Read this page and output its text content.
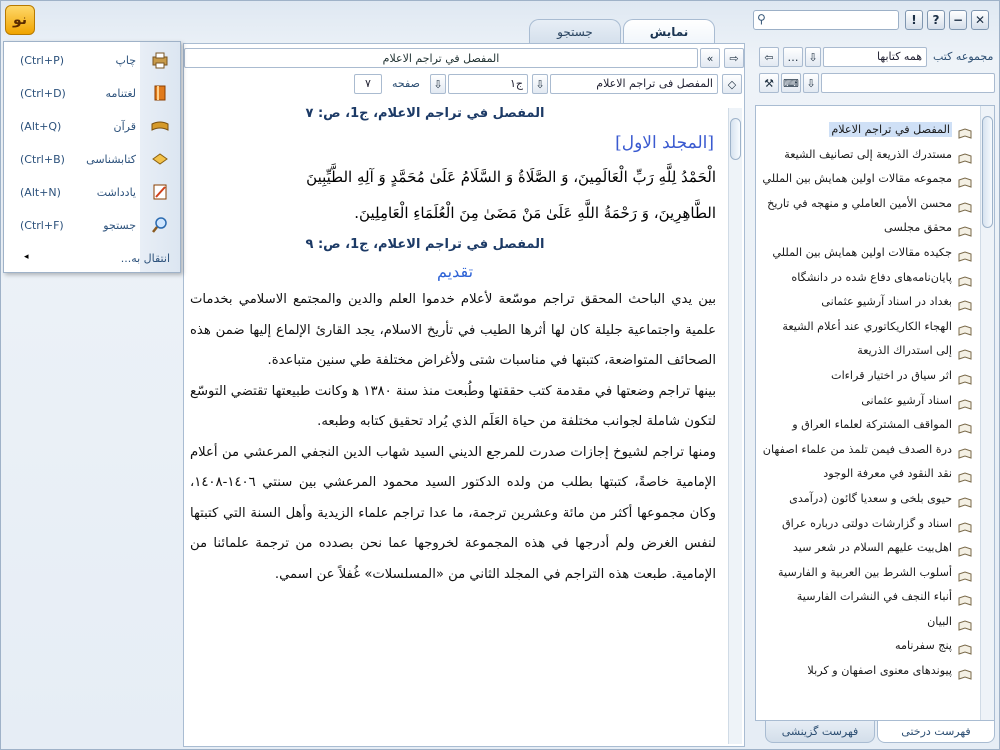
نو
جستجو	نمایش
⚲	! ? − ✕
المفصل في تراجم الاعلام	« ⇨
٧	صفحه ⇩	ج١	⇩	المفصل فی تراجم الاعلام	◇
المفصل في تراجم الاعلام، ج1، ص: ٧
[المجلد الاول]
الْحَمْدُ لِلَّهِ رَبِّ الْعَالَمِينَ، وَ الصَّلَاةُ وَ السَّلَامُ عَلَىٰ مُحَمَّدٍ وَ آلِهِ الطَّيِّبِينَ
الطَّاهِرِينَ، وَ رَحْمَةُ اللَّهِ عَلَىٰ مَنْ مَضَىٰ مِنَ الْعُلَمَاءِ الْعَامِلِينَ.
المفصل في تراجم الاعلام، ج1، ص: ٩
تقديم
بين يدي الباحث المحقق تراجم موسّعة لأعلام خدموا العلم والدين والمجتمع الاسلامي بخدمات علمية واجتماعية جليلة كان لها أثرها الطيب في تأريخ الاسلام، يجد القارئ الإلماع إليها ضمن هذه الصحائف المتواضعة، كتبتها في مناسبات شتى ولأغراض مختلفة طي سنين متباعدة.
بينها تراجم وضعتها في مقدمة كتب حققتها وطُبعت منذ سنة ١٣٨٠ ه‍ وكانت طبيعتها تقتضي التوسّع لتكون شاملة لجوانب مختلفة من حياة العَلَم الذي يُراد تحقيق كتابه وطبعه.
ومنها تراجم لشيوخ إجازات صدرت للمرجع الديني السيد شهاب الدين النجفي المرعشي من أعلام الإمامية خاصةً، كتبتها بطلب من ولده الدكتور السيد محمود المرعشي بين سنتي ١٤٠٦-١٤٠٨، وكان مجموعها أكثر من مائة وعشرين ترجمة، ما عدا تراجم علماء الزيدية وأهل السنة التي كتبتها لنفس الغرض ولم أدرجها في هذه المجموعة لخروجها عما نحن بصدده من ترجمة علمائنا من الإمامية. طبعت هذه التراجم في المجلد الثاني من «المسلسلات» غُفلاً عن اسمي.
(Ctrl+P)	چاپ
(Ctrl+D)	لغتنامه
(Alt+Q)	قرآن
(Ctrl+B) کتابشناسی
(Alt+N)	یادداشت
(Ctrl+F)	جستجو
◂	انتقال به...
⇦ … ⇩	همه کتابها	مجموعه کتب
⚒ ⌨ ⇩
المفصل في تراجم الاعلام
مستدرك الذريعة إلى تصانيف الشيعة
مجموعه مقالات اولين همايش بين المللي
محسن الأمين العاملي و منهجه في تاريخ
محقق مجلسی
جكيده مقالات اولين همايش بين المللي
پایان‌نامه‌های دفاع شده در دانشگاه
بغداد در اسناد آرشیو عثمانی
الهجاء الكاريكاتوري عند أعلام الشيعة
إلى استدراك الذريعة
اثر سياق در اختيار قراءات
اسناد آرشيو عثمانی
المواقف المشتركة لعلماء العراق و
درة الصدف فيمن تلمذ من علماء اصفهان
نقد النقود في معرفة الوجود
حیوی بلخی و سعدیا گائون (درآمدی
اسناد و گزارشات دولتی درباره عراق
اهل‌بیت عليهم السلام در شعر سيد
أسلوب الشرط بين العربية و الفارسية
أنباء النجف في النشرات الفارسية
البيان
پنج سفرنامه
پیوندهای معنوی اصفهان و كربلا
فهرست درختی
فهرست گزینشی
